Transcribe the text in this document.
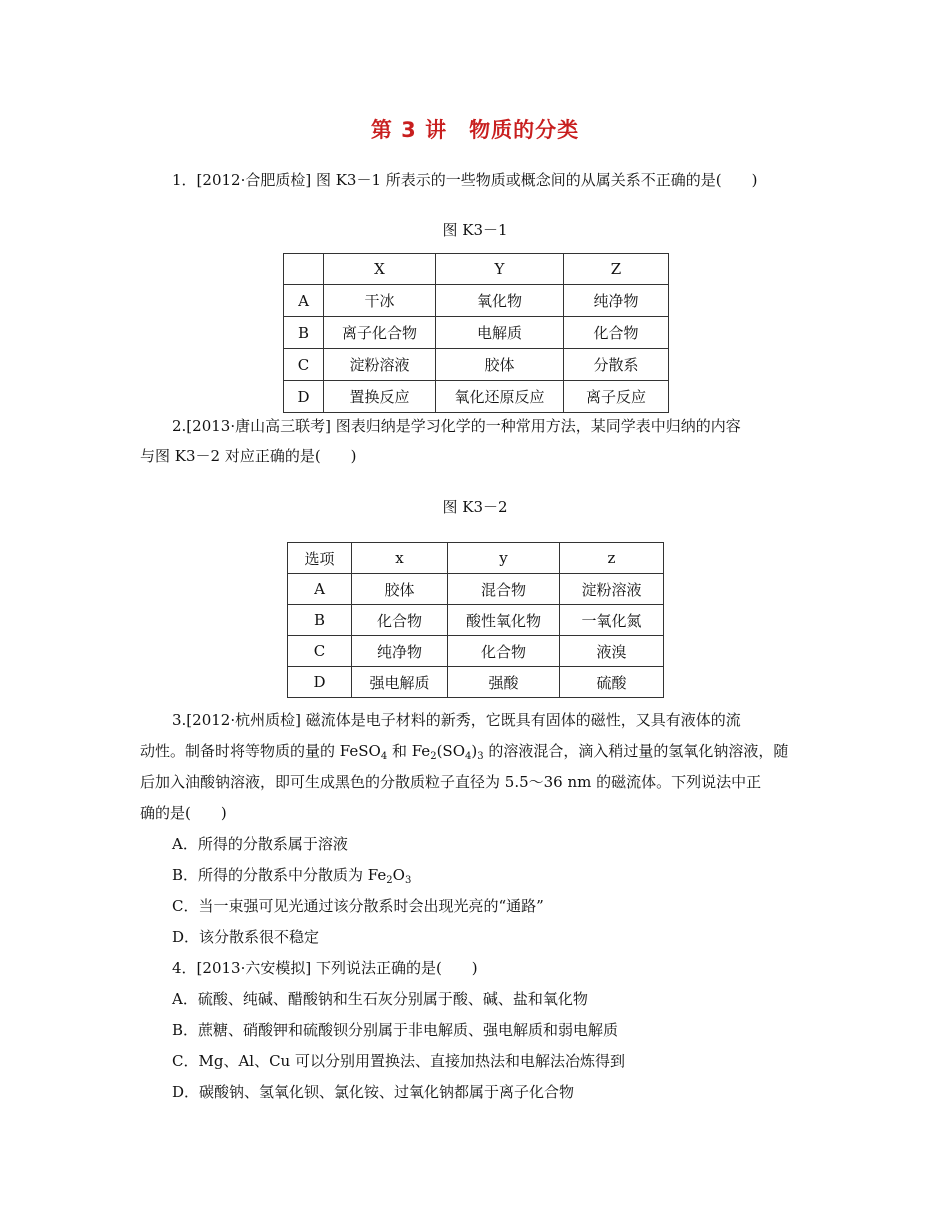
第 3 讲　物质的分类
1．[2012·合肥质检] 图 K3－1 所表示的一些物质或概念间的从属关系不正确的是(　　)
图 K3－1
	X	Y	Z
A	干冰	氧化物	纯净物
B	离子化合物	电解质	化合物
C	淀粉溶液	胶体	分散系
D	置换反应	氧化还原反应	离子反应
2.[2013·唐山高三联考] 图表归纳是学习化学的一种常用方法，某同学表中归纳的内容
与图 K3－2 对应正确的是(　　)
图 K3－2
选项	x	y	z
A	胶体	混合物	淀粉溶液
B	化合物	酸性氧化物	一氧化氮
C	纯净物	化合物	液溴
D	强电解质	强酸	硫酸
3.[2012·杭州质检] 磁流体是电子材料的新秀，它既具有固体的磁性，又具有液体的流
动性。制备时将等物质的量的 FeSO$_4$ 和 $Fe_2(SO_4)_3$ 的溶液混合，滴入稍过量的氢氧化钠溶液，随
后加入油酸钠溶液，即可生成黑色的分散质粒子直径为 5.5～36 nm 的磁流体。下列说法中正
确的是(　　)
A．所得的分散系属于溶液
B．所得的分散系中分散质为 $Fe_2O_3$
C．当一束强可见光通过该分散系时会出现光亮的“通路”
D．该分散系很不稳定
4．[2013·六安模拟] 下列说法正确的是(　　)
A．硫酸、纯碱、醋酸钠和生石灰分别属于酸、碱、盐和氧化物
B．蔗糖、硝酸钾和硫酸钡分别属于非电解质、强电解质和弱电解质
C．Mg、Al、Cu 可以分别用置换法、直接加热法和电解法冶炼得到
D．碳酸钠、氢氧化钡、氯化铵、过氧化钠都属于离子化合物
